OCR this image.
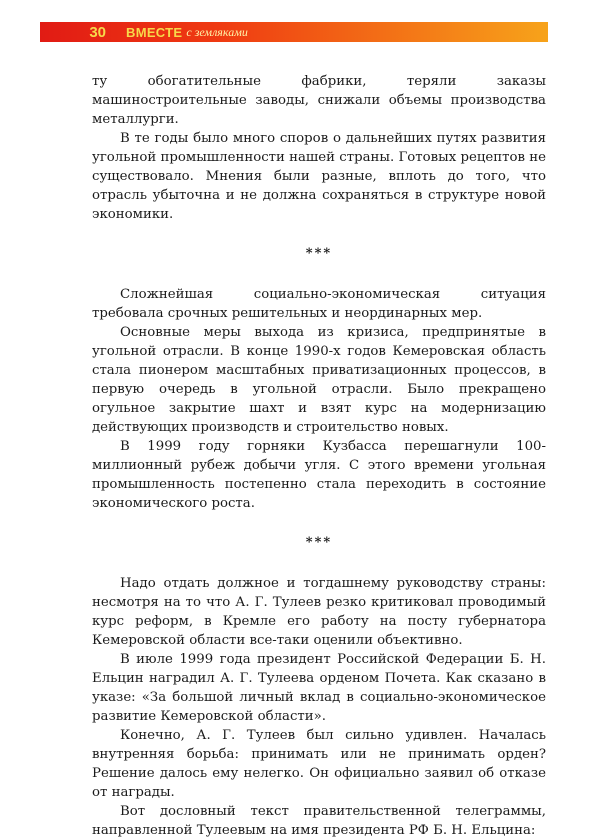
30 ВМЕСТЕ с земляками

ту обогатительные фабрики, теряли заказы машиностроительные заводы, снижали объемы производства металлурги.

В те годы было много споров о дальнейших путях развития угольной промышленности нашей страны. Готовых рецептов не существовало. Мнения были разные, вплоть до того, что отрасль убыточна и не должна сохраняться в структуре новой экономики.

***

Сложнейшая социально-экономическая ситуация требовала срочных решительных и неординарных мер.

Основные меры выхода из кризиса, предпринятые в угольной отрасли. В конце 1990-х годов Кемеровская область стала пионером масштабных приватизационных процессов, в первую очередь в угольной отрасли. Было прекращено огульное закрытие шахт и взят курс на модернизацию действующих производств и строительство новых.

В 1999 году горняки Кузбасса перешагнули 100-миллионный рубеж добычи угля. С этого времени угольная промышленность постепенно стала переходить в состояние экономического роста.

***

Надо отдать должное и тогдашнему руководству страны: несмотря на то что А. Г. Тулеев резко критиковал проводимый курс реформ, в Кремле его работу на посту губернатора Кемеровской области все-таки оценили объективно.

В июле 1999 года президент Российской Федерации Б. Н. Ельцин наградил А. Г. Тулеева орденом Почета. Как сказано в указе: «За большой личный вклад в социально-экономическое развитие Кемеровской области».

Конечно, А. Г. Тулеев был сильно удивлен. Началась внутренняя борьба: принимать или не принимать орден? Решение далось ему нелегко. Он официально заявил об отказе от награды.

Вот дословный текст правительственной телеграммы, направленной Тулеевым на имя президента РФ Б. Н. Ельцина:
